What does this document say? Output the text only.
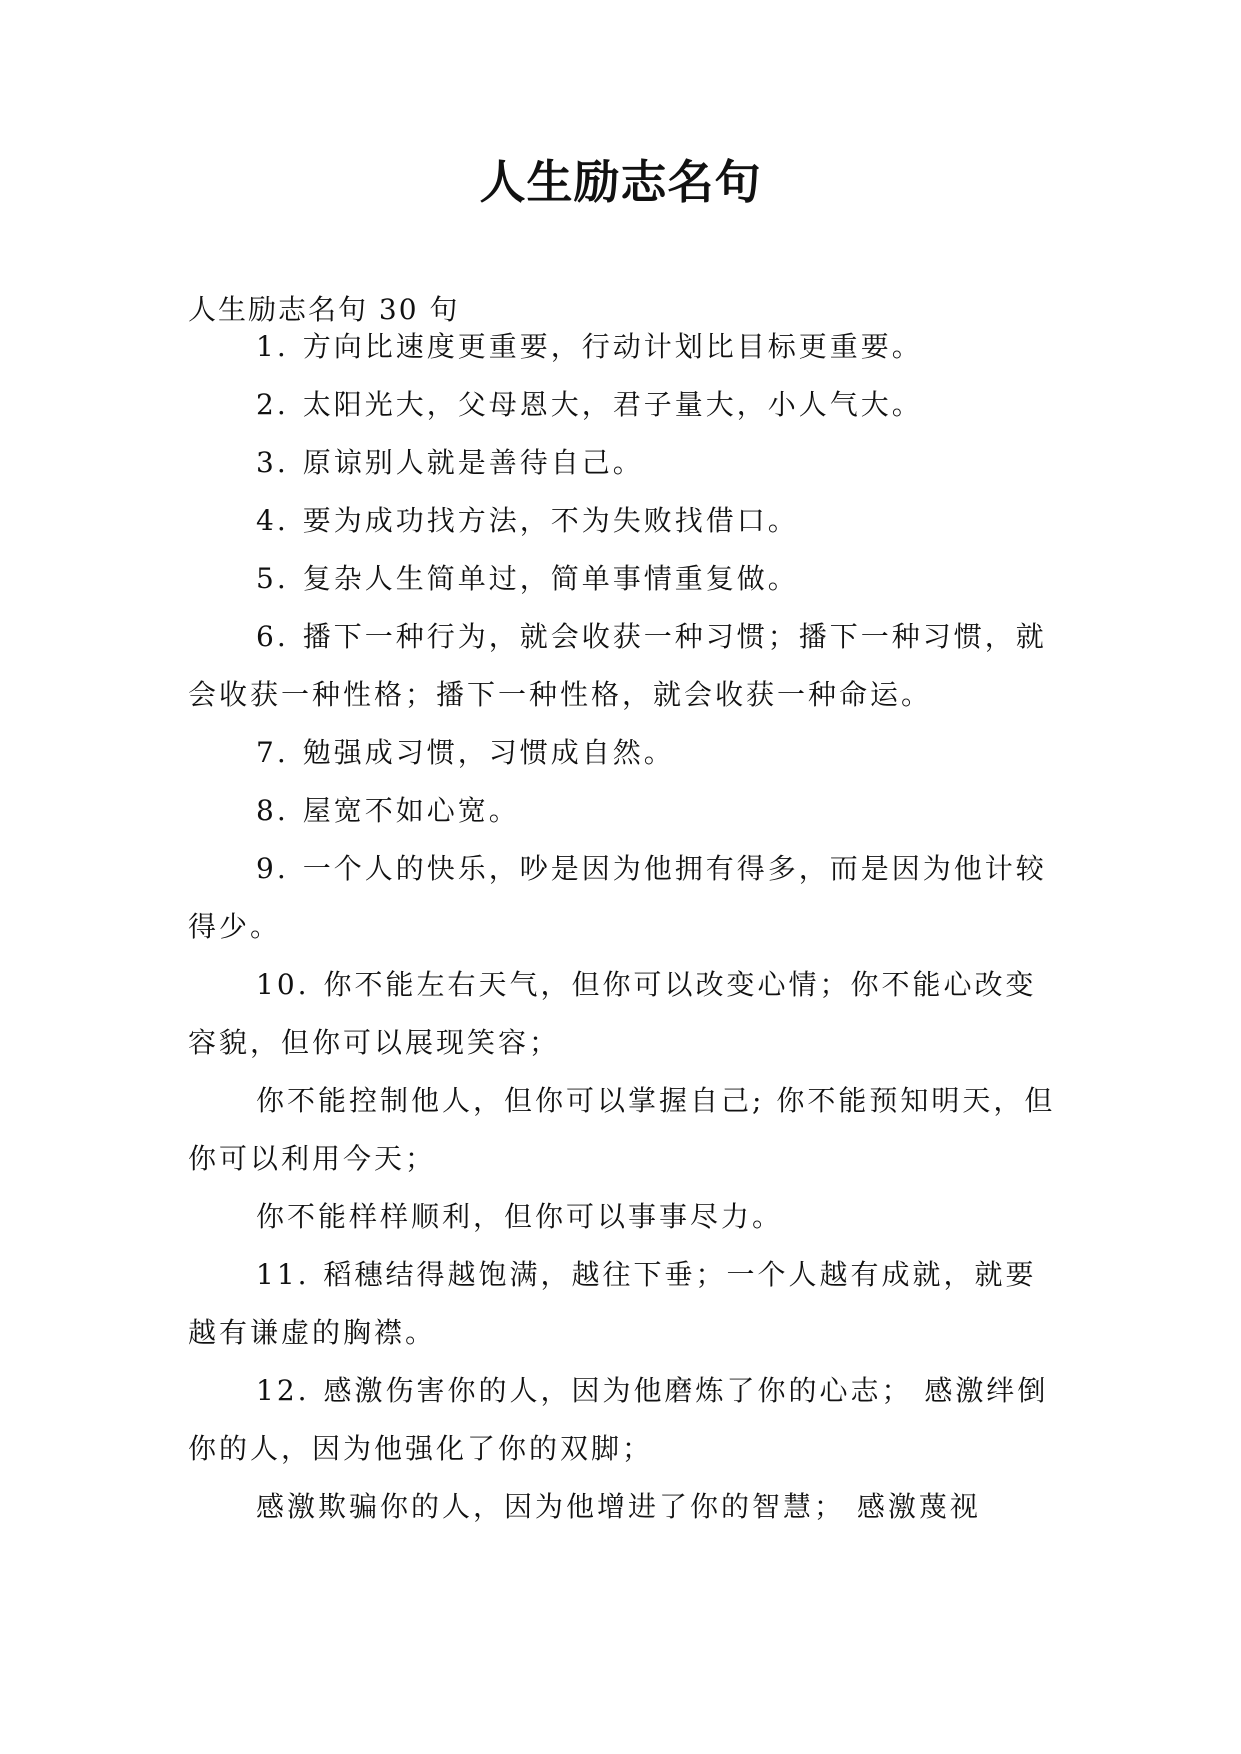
人生励志名句
人生励志名句 30 句
1. 方向比速度更重要，行动计划比目标更重要。
2. 太阳光大，父母恩大，君子量大，小人气大。
3. 原谅别人就是善待自己。
4. 要为成功找方法，不为失败找借口。
5. 复杂人生简单过，简单事情重复做。
6. 播下一种行为，就会收获一种习惯；播下一种习惯，就会收获一种性格；播下一种性格，就会收获一种命运。
7. 勉强成习惯，习惯成自然。
8. 屋宽不如心宽。
9. 一个人的快乐，吵是因为他拥有得多，而是因为他计较得少。
10. 你不能左右天气，但你可以改变心情；你不能心改变容貌，但你可以展现笑容；
你不能控制他人，但你可以掌握自己; 你不能预知明天，但你可以利用今天；
你不能样样顺利，但你可以事事尽力。
11. 稻穗结得越饱满，越往下垂；一个人越有成就，就要越有谦虚的胸襟。
12. 感激伤害你的人，因为他磨炼了你的心志； 感激绊倒你的人，因为他强化了你的双脚；
感激欺骗你的人，因为他增进了你的智慧； 感激蔑视
